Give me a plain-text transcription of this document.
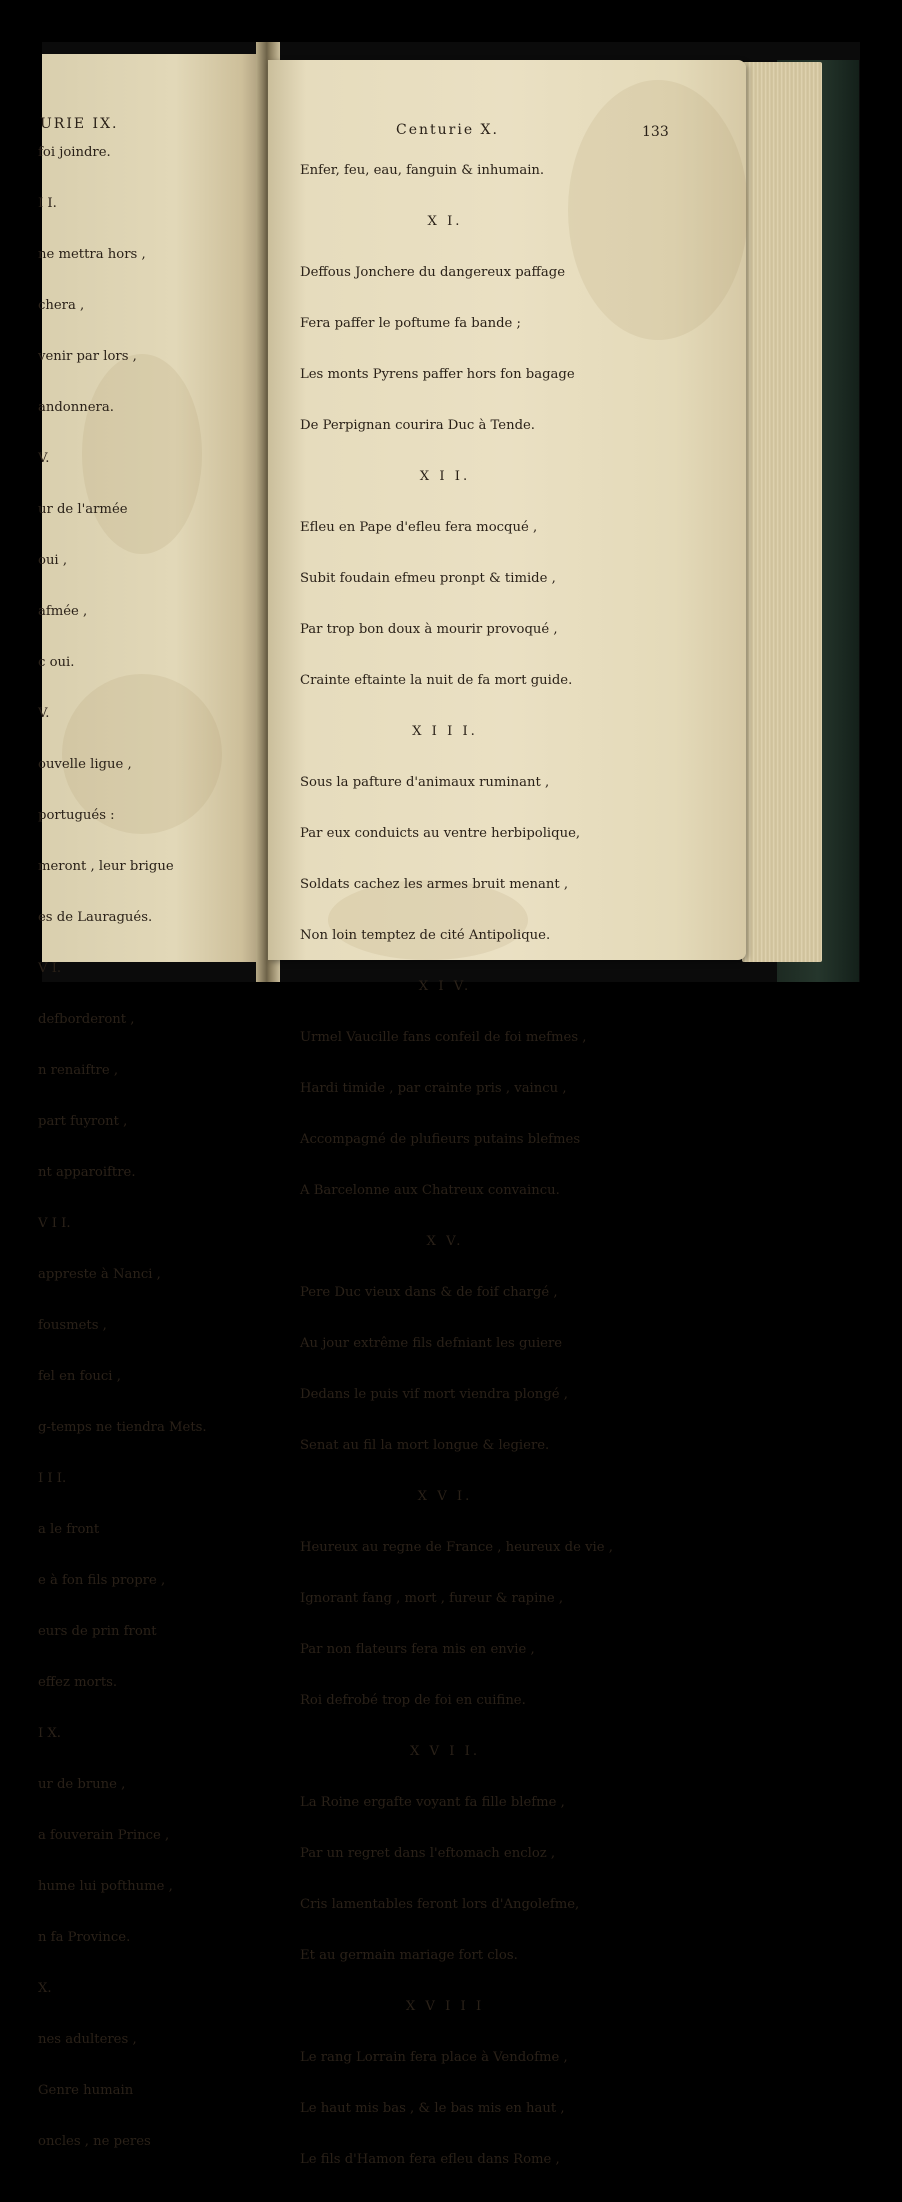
URIE IX.

foi joindre.

I I.

ne mettra hors ,

chera ,

venir par lors ,

andonnera.

V.

ur de l'armée

oui ,

afmée ,

c oui.

V.

ouvelle ligue ,

portugués :

meront , leur brigue

es de Lauragués.

V I.

defborderont ,

n renaiftre ,

part fuyront ,

nt apparoiftre.

V I I.

appreste à Nanci ,

fousmets ,

fel en fouci ,

g-temps ne tiendra Mets.

I I I.

a le front

e à fon fils propre ,

eurs de prin front

effez morts.

I X.

ur de brune ,

a fouverain Prince ,

hume lui pofthume ,

n fa Province.

X.

nes adulteres ,

Genre humain

oncles , ne peres

Centurie X.	133

Enfer, feu, eau, fanguin & inhumain.

X I.

Deffous Jonchere du dangereux paffage

Fera paffer le poftume fa bande ;

Les monts Pyrens paffer hors fon bagage

De Perpignan courira Duc à Tende.

X I I.

Efleu en Pape d'efleu fera mocqué ,

Subit foudain efmeu pronpt & timide ,

Par trop bon doux à mourir provoqué ,

Crainte eftainte la nuit de fa mort guide.

X I I I.

Sous la pafture d'animaux ruminant ,

Par eux conduicts au ventre herbipolique,

Soldats cachez les armes bruit menant ,

Non loin temptez de cité Antipolique.

X I V.

Urmel Vaucille fans confeil de foi mefmes ,

Hardi timide , par crainte pris , vaincu ,

Accompagné de plufieurs putains blefmes

A Barcelonne aux Chatreux convaincu.

X V.

Pere Duc vieux dans & de foif chargé ,

Au jour extrême fils defniant les guiere

Dedans le puis vif mort viendra plongé ,

Senat au fil la mort longue & legiere.

X V I.

Heureux au regne de France , heureux de vie ,

Ignorant fang , mort , fureur & rapine ,

Par non flateurs fera mis en envie ,

Roi defrobé trop de foi en cuifine.

X V I I.

La Roine ergafte voyant fa fille blefme ,

Par un regret dans l'eftomach encloz ,

Cris lamentables feront lors d'Angolefme,

Et au germain mariage fort clos.

X V I I I

Le rang Lorrain fera place à Vendofme ,

Le haut mis bas , & le bas mis en haut ,

Le fils d'Hamon fera efleu dans Rome ,
